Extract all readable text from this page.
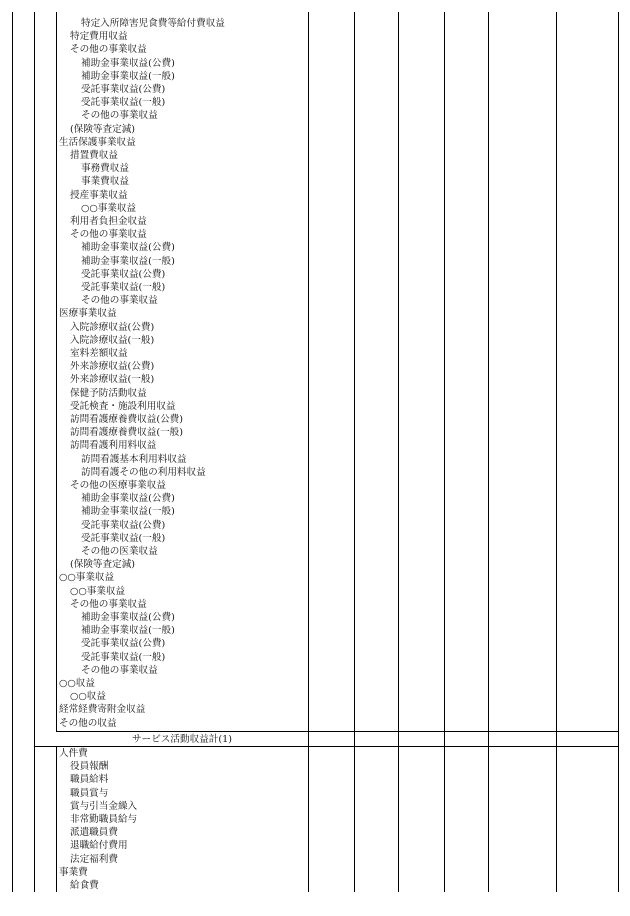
特定入所障害児食費等給付費収益
特定費用収益
その他の事業収益
補助金事業収益(公費)
補助金事業収益(一般)
受託事業収益(公費)
受託事業収益(一般)
その他の事業収益
(保険等査定減)
生活保護事業収益
措置費収益
事務費収益
事業費収益
授産事業収益
○○事業収益
利用者負担金収益
その他の事業収益
補助金事業収益(公費)
補助金事業収益(一般)
受託事業収益(公費)
受託事業収益(一般)
その他の事業収益
医療事業収益
入院診療収益(公費)
入院診療収益(一般)
室料差額収益
外来診療収益(公費)
外来診療収益(一般)
保健予防活動収益
受託検査・施設利用収益
訪問看護療養費収益(公費)
訪問看護療養費収益(一般)
訪問看護利用料収益
訪問看護基本利用料収益
訪問看護その他の利用料収益
その他の医療事業収益
補助金事業収益(公費)
補助金事業収益(一般)
受託事業収益(公費)
受託事業収益(一般)
その他の医業収益
(保険等査定減)
○○事業収益
○○事業収益
その他の事業収益
補助金事業収益(公費)
補助金事業収益(一般)
受託事業収益(公費)
受託事業収益(一般)
その他の事業収益
○○収益
○○収益
経常経費寄附金収益
その他の収益
サービス活動収益計(1)
人件費
役員報酬
職員給料
職員賞与
賞与引当金繰入
非常勤職員給与
派遣職員費
退職給付費用
法定福利費
事業費
給食費
